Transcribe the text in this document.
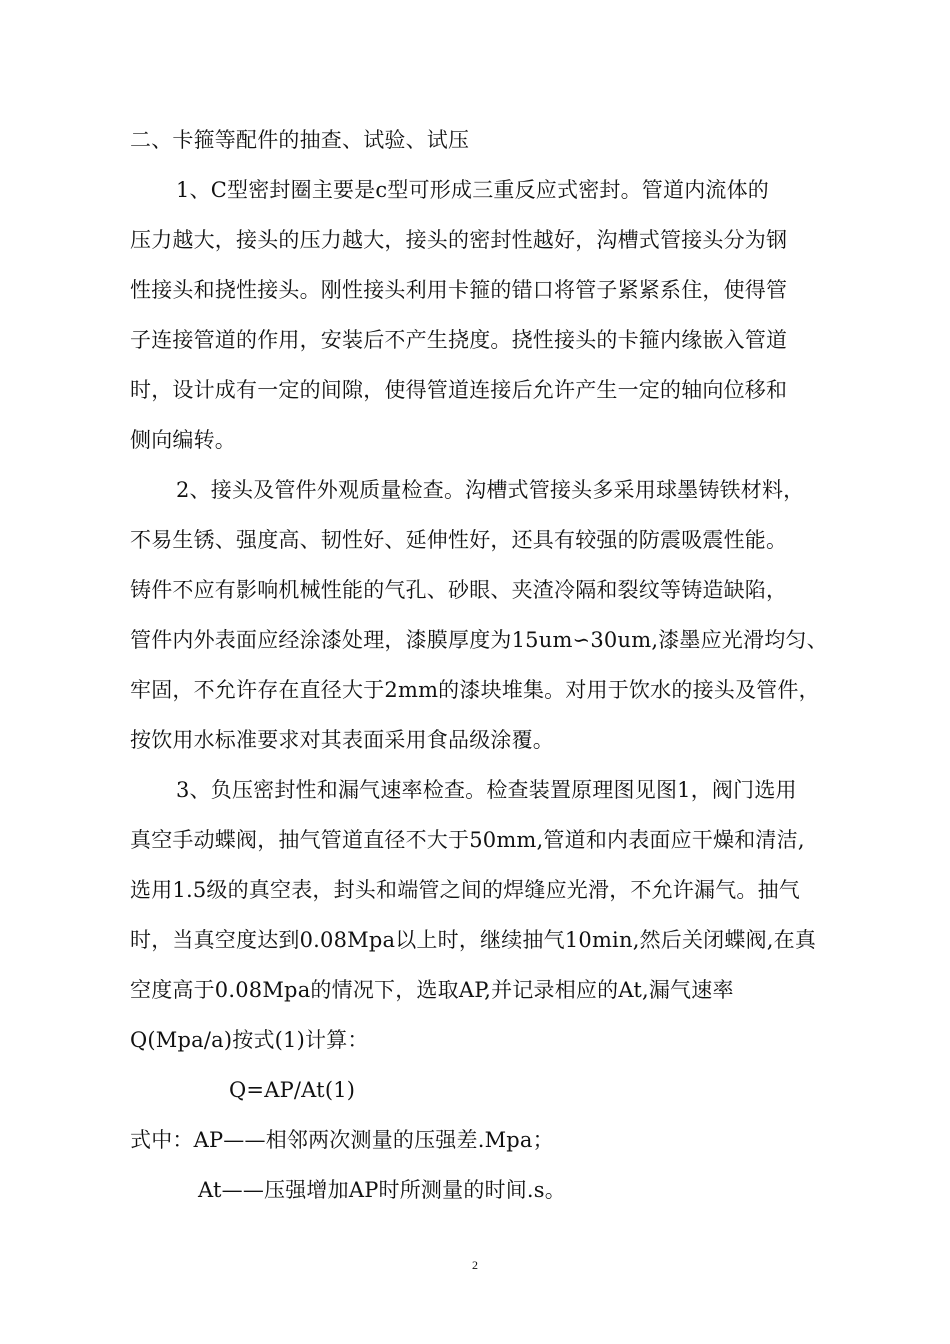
二、卡箍等配件的抽查、试验、试压
1、C型密封圈主要是c型可形成三重反应式密封。管道内流体的
压力越大，接头的压力越大，接头的密封性越好，沟槽式管接头分为钢
性接头和挠性接头。刚性接头利用卡箍的错口将管子紧紧系住，使得管
子连接管道的作用，安装后不产生挠度。挠性接头的卡箍内缘嵌入管道
时，设计成有一定的间隙，使得管道连接后允许产生一定的轴向位移和
侧向编转。
2、接头及管件外观质量检查。沟槽式管接头多采用球墨铸铁材料，
不易生锈、强度高、韧性好、延伸性好，还具有较强的防震吸震性能。
铸件不应有影响机械性能的气孔、砂眼、夹渣冷隔和裂纹等铸造缺陷，
管件内外表面应经涂漆处理，漆膜厚度为15um∽30um,漆墨应光滑均匀、
牢固，不允许存在直径大于2mm的漆块堆集。对用于饮水的接头及管件，
按饮用水标准要求对其表面采用食品级涂覆。
3、负压密封性和漏气速率检查。检查装置原理图见图1，阀门选用
真空手动蝶阀，抽气管道直径不大于50mm,管道和内表面应干燥和清洁,
选用1.5级的真空表，封头和端管之间的焊缝应光滑，不允许漏气。抽气
时，当真空度达到0.08Mpa以上时，继续抽气10min,然后关闭蝶阀,在真
空度高于0.08Mpa的情况下，选取AP,并记录相应的At,漏气速率
Q(Mpa/a)按式(1)计算：
Q=AP/At(1)
式中：AP——相邻两次测量的压强差.Mpa；
At——压强增加AP时所测量的时间.s。
2
